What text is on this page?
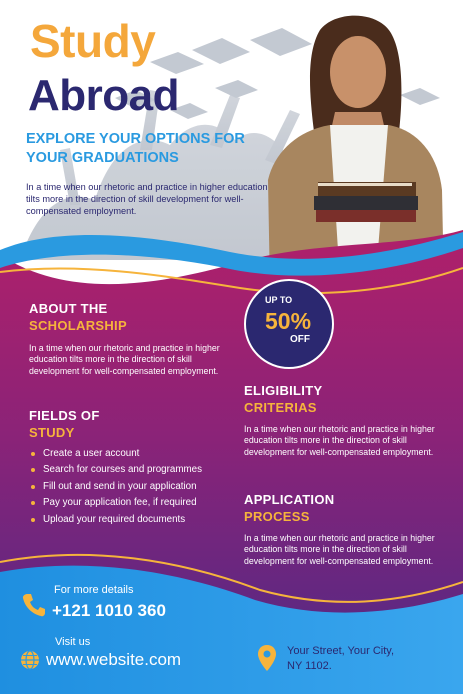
Study
Abroad
EXPLORE YOUR OPTIONS FOR YOUR GRADUATIONS
In a time when our rhetoric and practice in higher education tilts more in the direction of skill development for well-compensated employment.
UP TO
50%
OFF
ABOUT THE
SCHOLARSHIP
In a time when our rhetoric and practice in higher education tilts more in the direction of skill development for well-compensated employment.
FIELDS OF
STUDY
Create a user account
Search for courses and programmes
Fill out and send in your application
Pay your application fee, if required
Upload your required documents
ELIGIBILITY
CRITERIAS
In a time when our rhetoric and practice in higher education tilts more in the direction of skill development for well-compensated employment.
APPLICATION
PROCESS
In a time when our rhetoric and practice in higher education tilts more in the direction of skill development for well-compensated employment.
For more details
+121 1010 360
Visit us
www.website.com	Your Street, Your City,
NY 1102.
